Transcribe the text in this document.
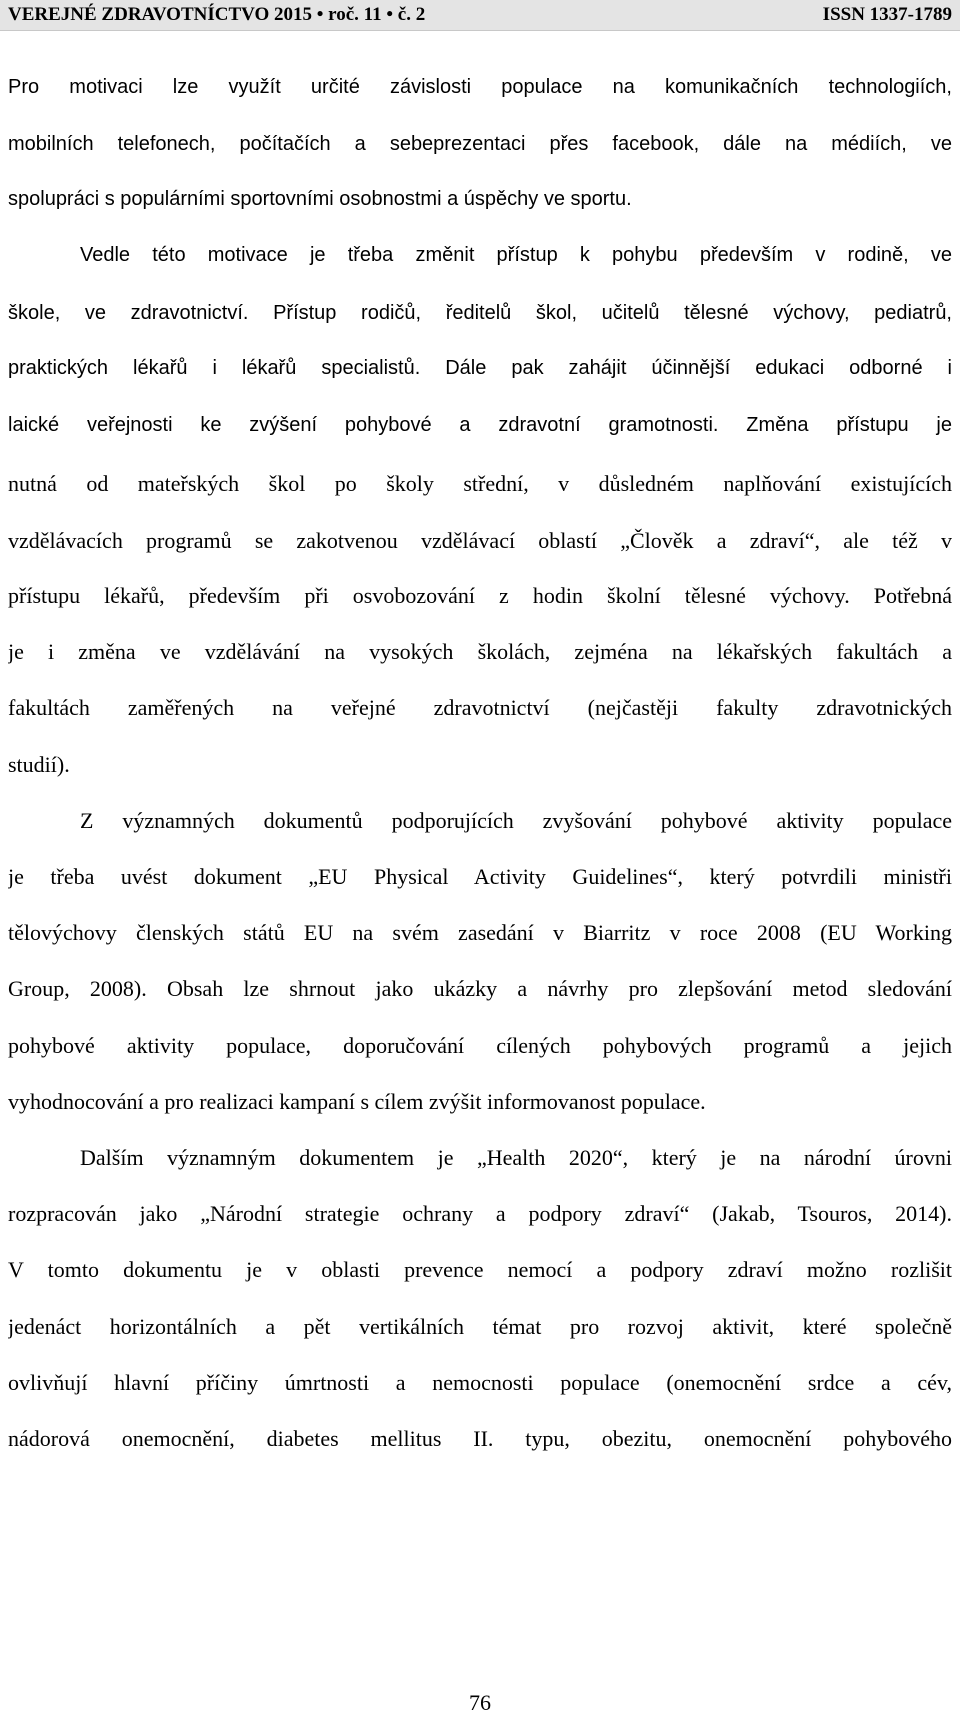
VEREJNÉ ZDRAVOTNÍCTVO 2015 • roč. 11 • č. 2	ISSN 1337-1789
Pro motivaci lze využít určité závislosti populace na komunikačních technologiích,
mobilních telefonech, počítačích a sebeprezentaci přes facebook, dále na médiích, ve
spolupráci s populárními sportovními osobnostmi a úspěchy ve sportu.
Vedle této motivace je třeba změnit přístup k pohybu především v rodině, ve
škole, ve zdravotnictví. Přístup rodičů, ředitelů škol, učitelů tělesné výchovy, pediatrů,
praktických lékařů i lékařů specialistů. Dále pak zahájit účinnější edukaci odborné i
laické veřejnosti ke zvýšení pohybové a zdravotní gramotnosti. Změna přístupu je
nutná od mateřských škol po školy střední, v důsledném naplňování existujících
vzdělávacích programů se zakotvenou vzdělávací oblastí „Člověk a zdraví“, ale též v
přístupu lékařů, především při osvobozování z hodin školní tělesné výchovy. Potřebná
je i změna ve vzdělávání na vysokých školách, zejména na lékařských fakultách a
fakultách zaměřených na veřejné zdravotnictví (nejčastěji fakulty zdravotnických
studií).
Z významných dokumentů podporujících zvyšování pohybové aktivity populace
je třeba uvést dokument „EU Physical Activity Guidelines“, který potvrdili ministři
tělovýchovy členských států EU na svém zasedání v Biarritz v roce 2008 (EU Working
Group, 2008). Obsah lze shrnout jako ukázky a návrhy pro zlepšování metod sledování
pohybové aktivity populace, doporučování cílených pohybových programů a jejich
vyhodnocování a pro realizaci kampaní s cílem zvýšit informovanost populace.
Dalším významným dokumentem je „Health 2020“, který je na národní úrovni
rozpracován jako „Národní strategie ochrany a podpory zdraví“ (Jakab, Tsouros, 2014).
V tomto dokumentu je v oblasti prevence nemocí a podpory zdraví možno rozlišit
jedenáct horizontálních a pět vertikálních témat pro rozvoj aktivit, které společně
ovlivňují hlavní příčiny úmrtnosti a nemocnosti populace (onemocnění srdce a cév,
nádorová onemocnění, diabetes mellitus II. typu, obezitu, onemocnění pohybového
76
